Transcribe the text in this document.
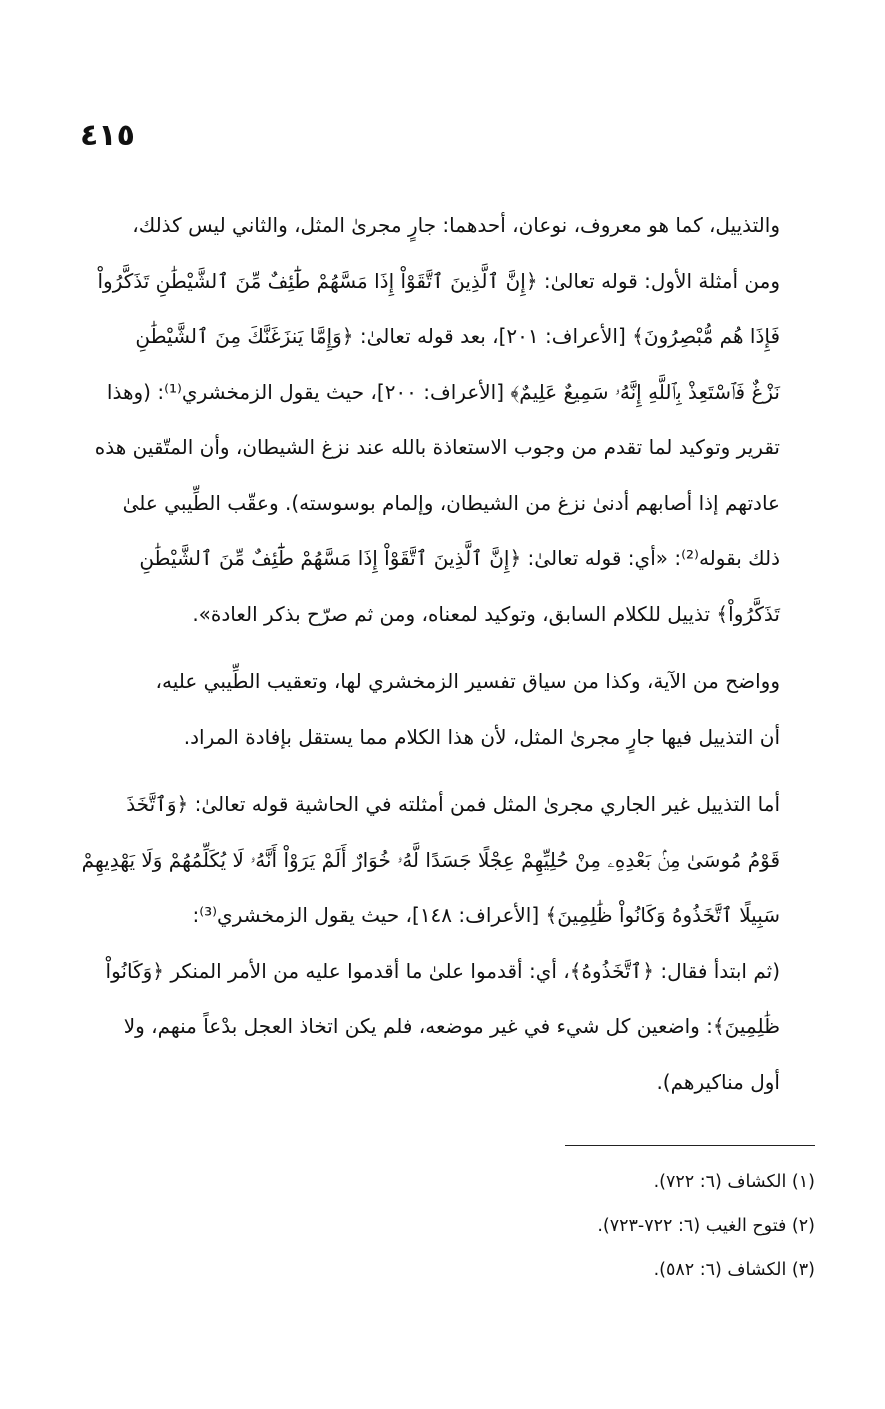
٤١٥

والتذييل، كما هو معروف، نوعان، أحدهما: جارٍ مجرىٰ المثل، والثاني ليس كذلك،
ومن أمثلة الأول: قوله تعالىٰ: ﴿إِنَّ ٱلَّذِينَ ٱتَّقَوْاْ إِذَا مَسَّهُمْ طَٰٓئِفٌ مِّنَ ٱلشَّيْطَٰنِ تَذَكَّرُواْ
فَإِذَا هُم مُّبْصِرُونَ﴾ [الأعراف: ٢٠١]، بعد قوله تعالىٰ: ﴿وَإِمَّا يَنزَغَنَّكَ مِنَ ٱلشَّيْطَٰنِ
نَزْغٌ فَٱسْتَعِذْ بِٱللَّهِ إِنَّهُۥ سَمِيعٌ عَلِيمٌ﴾ [الأعراف: ٢٠٠]، حيث يقول الزمخشري⁽¹⁾: (وهذا
تقرير وتوكيد لما تقدم من وجوب الاستعاذة بالله عند نزغ الشيطان، وأن المتّقين هذه
عادتهم إذا أصابهم أدنىٰ نزغ من الشيطان، وإلمام بوسوسته). وعقّب الطِّيبي علىٰ
ذلك بقوله⁽²⁾: «أي: قوله تعالىٰ: ﴿إِنَّ ٱلَّذِينَ ٱتَّقَوْاْ إِذَا مَسَّهُمْ طَٰٓئِفٌ مِّنَ ٱلشَّيْطَٰنِ
تَذَكَّرُواْ﴾ تذييل للكلام السابق، وتوكيد لمعناه، ومن ثم صرّح بذكر العادة».

وواضح من الآية، وكذا من سياق تفسير الزمخشري لها، وتعقيب الطِّيبي عليه،
أن التذييل فيها جارٍ مجرىٰ المثل، لأن هذا الكلام مما يستقل بإفادة المراد.

أما التذييل غير الجاري مجرىٰ المثل فمن أمثلته في الحاشية قوله تعالىٰ: ﴿وَٱتَّخَذَ
قَوْمُ مُوسَىٰ مِنۢ بَعْدِهِۦ مِنْ حُلِيِّهِمْ عِجْلًا جَسَدًا لَّهُۥ خُوَارٌ أَلَمْ يَرَوْاْ أَنَّهُۥ لَا يُكَلِّمُهُمْ وَلَا يَهْدِيهِمْ
سَبِيلًا ٱتَّخَذُوهُ وَكَانُواْ ظَٰلِمِينَ﴾ [الأعراف: ١٤٨]، حيث يقول الزمخشري⁽³⁾:
(ثم ابتدأ فقال: ﴿ٱتَّخَذُوهُ﴾، أي: أقدموا علىٰ ما أقدموا عليه من الأمر المنكر ﴿وَكَانُواْ
ظَٰلِمِينَ﴾: واضعين كل شيء في غير موضعه، فلم يكن اتخاذ العجل بدْعاً منهم، ولا
أول مناكيرهم).

(١) الكشاف (٦: ٧٢٢).

(٢) فتوح الغيب (٦: ٧٢٢-٧٢٣).

(٣) الكشاف (٦: ٥٨٢).
